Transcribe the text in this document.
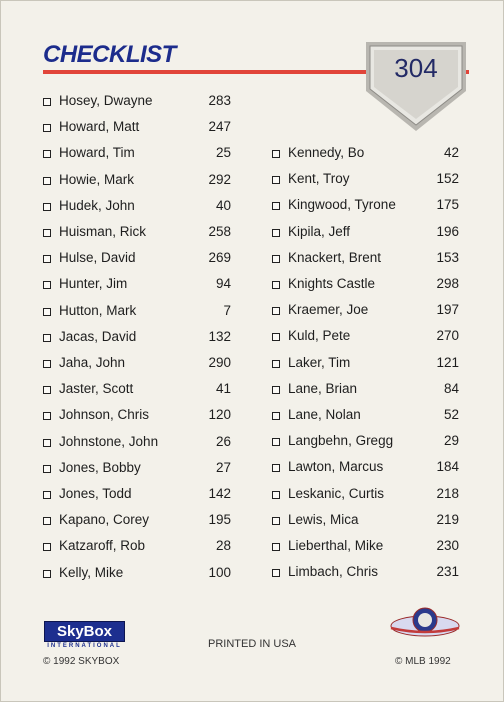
CHECKLIST	304
Hosey, Dwayne	283
Howard, Matt	247
Howard, Tim	25
Howie, Mark	292
Hudek, John	40
Huisman, Rick	258
Hulse, David	269
Hunter, Jim	94
Hutton, Mark	7
Jacas, David	132
Jaha, John	290
Jaster, Scott	41
Johnson, Chris	120
Johnstone, John	26
Jones, Bobby	27
Jones, Todd	142
Kapano, Corey	195
Katzaroff, Rob	28
Kelly, Mike	100
Kennedy, Bo	42
Kent, Troy	152
Kingwood, Tyrone	175
Kipila, Jeff	196
Knackert, Brent	153
Knights Castle	298
Kraemer, Joe	197
Kuld, Pete	270
Laker, Tim	121
Lane, Brian	84
Lane, Nolan	52
Langbehn, Gregg	29
Lawton, Marcus	184
Leskanic, Curtis	218
Lewis, Mica	219
Lieberthal, Mike	230
Limbach, Chris	231
SkyBox
INTERNATIONAL
© 1992 SKYBOX
PRINTED IN USA
© MLB 1992
